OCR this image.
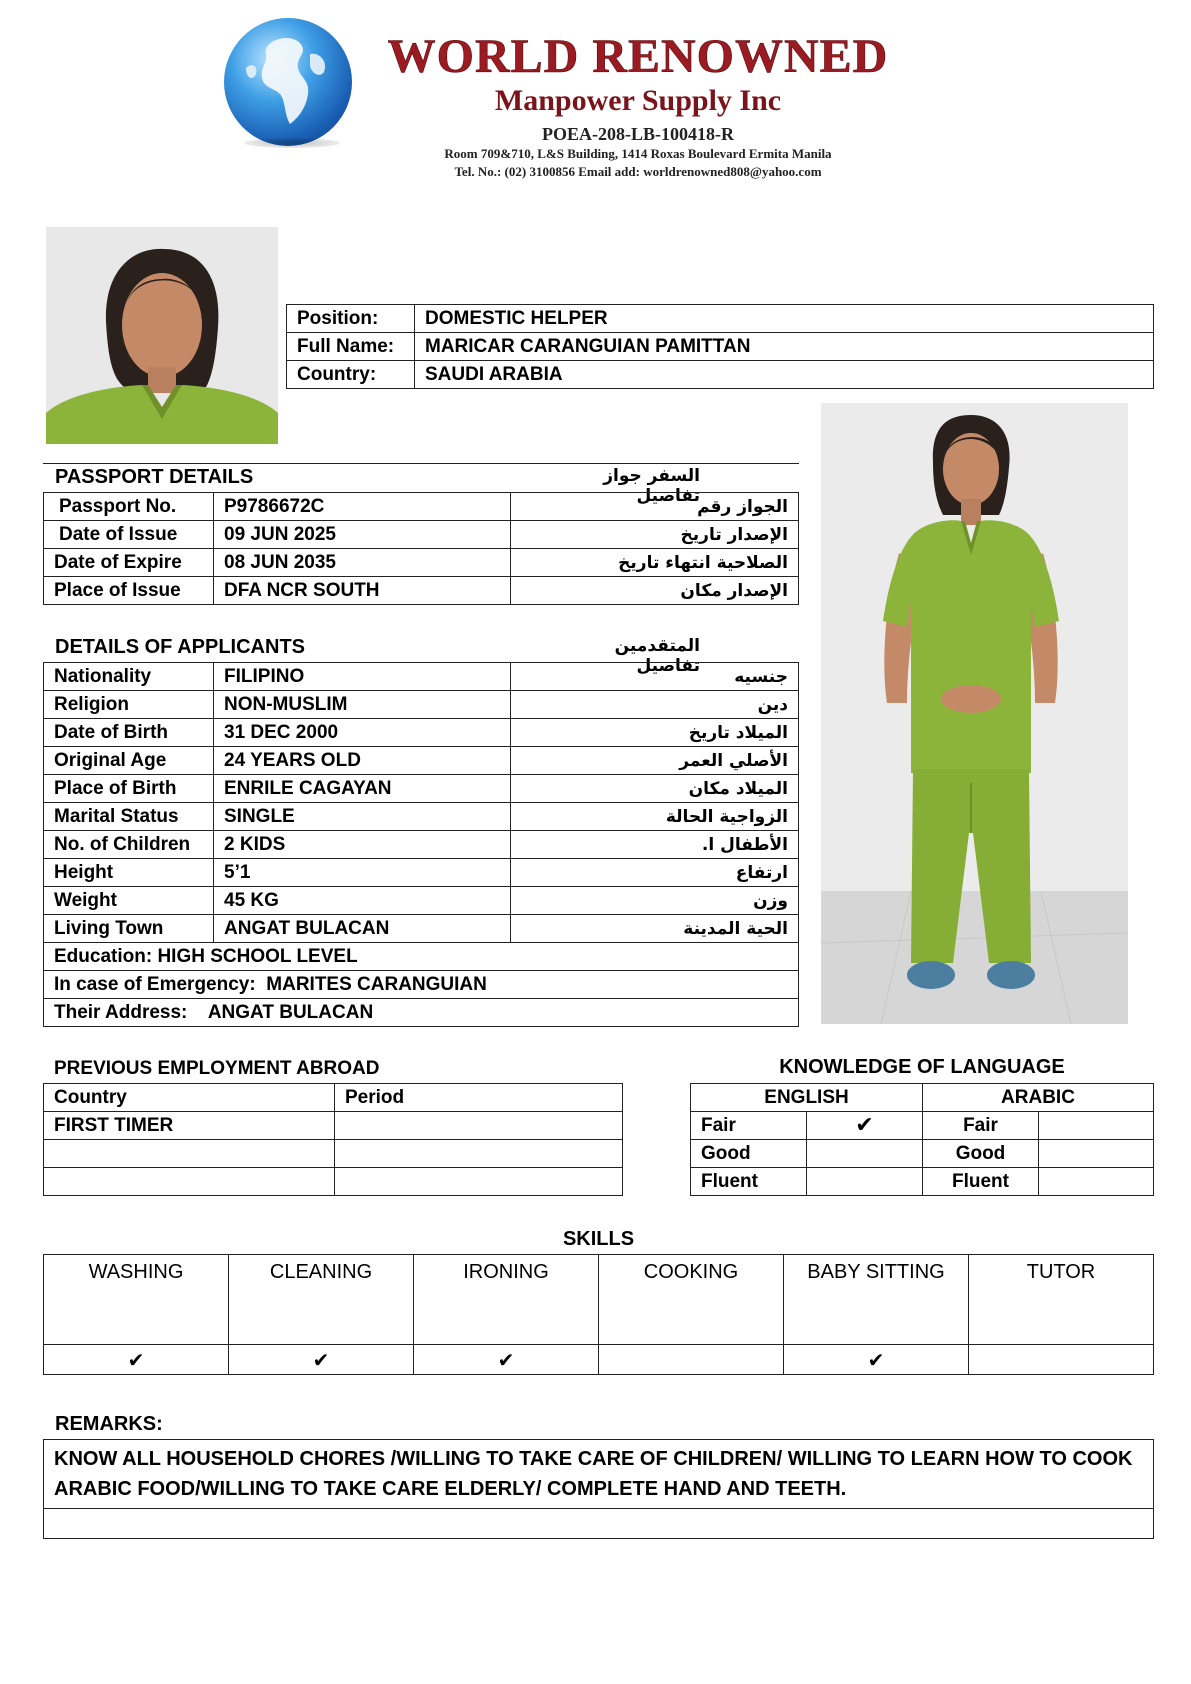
WORLD RENOWNED
Manpower Supply Inc
POEA-208-LB-100418-R
Room 709&710, L&S Building, 1414 Roxas Boulevard Ermita Manila
Tel. No.: (02) 3100856 Email add: worldrenowned808@yahoo.com
Position:	DOMESTIC HELPER
Full Name:	MARICAR CARANGUIAN PAMITTAN
Country:	SAUDI ARABIA
PASSPORT DETAILS	السفر جواز تفاصيل
Passport No.	P9786672C	الجواز رقم
Date of Issue	09 JUN 2025	الإصدار تاريخ
Date of Expire	08 JUN 2035	الصلاحية انتهاء تاريخ
Place of Issue	DFA NCR SOUTH	الإصدار مكان
DETAILS OF APPLICANTS	المتقدمين تفاصيل
Nationality	FILIPINO	جنسيه
Religion	NON-MUSLIM	دين
Date of Birth	31 DEC 2000	الميلاد تاريخ
Original Age	24 YEARS OLD	الأصلي العمر
Place of Birth	ENRILE CAGAYAN	الميلاد مكان
Marital Status	SINGLE	الزواجية الحالة
No. of Children	2 KIDS	الأطفال ا.
Height	5’1	ارتفاع
Weight	45 KG	وزن
Living Town	ANGAT BULACAN	الحية المدينة
Education: HIGH SCHOOL LEVEL		
In case of Emergency: MARITES CARANGUIAN		
Their Address: ANGAT BULACAN		
PREVIOUS EMPLOYMENT ABROAD
Country	Period
FIRST TIMER	

KNOWLEDGE OF LANGUAGE
ENGLISH		ARABIC	
Fair	✔	Fair	
Good		Good	
Fluent		Fluent	
SKILLS
WASHING	CLEANING	IRONING	COOKING	BABY SITTING	TUTOR
✔	✔	✔		✔	
REMARKS:
KNOW ALL HOUSEHOLD CHORES /WILLING TO TAKE CARE OF CHILDREN/ WILLING TO LEARN HOW TO COOK ARABIC FOOD/WILLING TO TAKE CARE ELDERLY/ COMPLETE HAND AND TEETH.
